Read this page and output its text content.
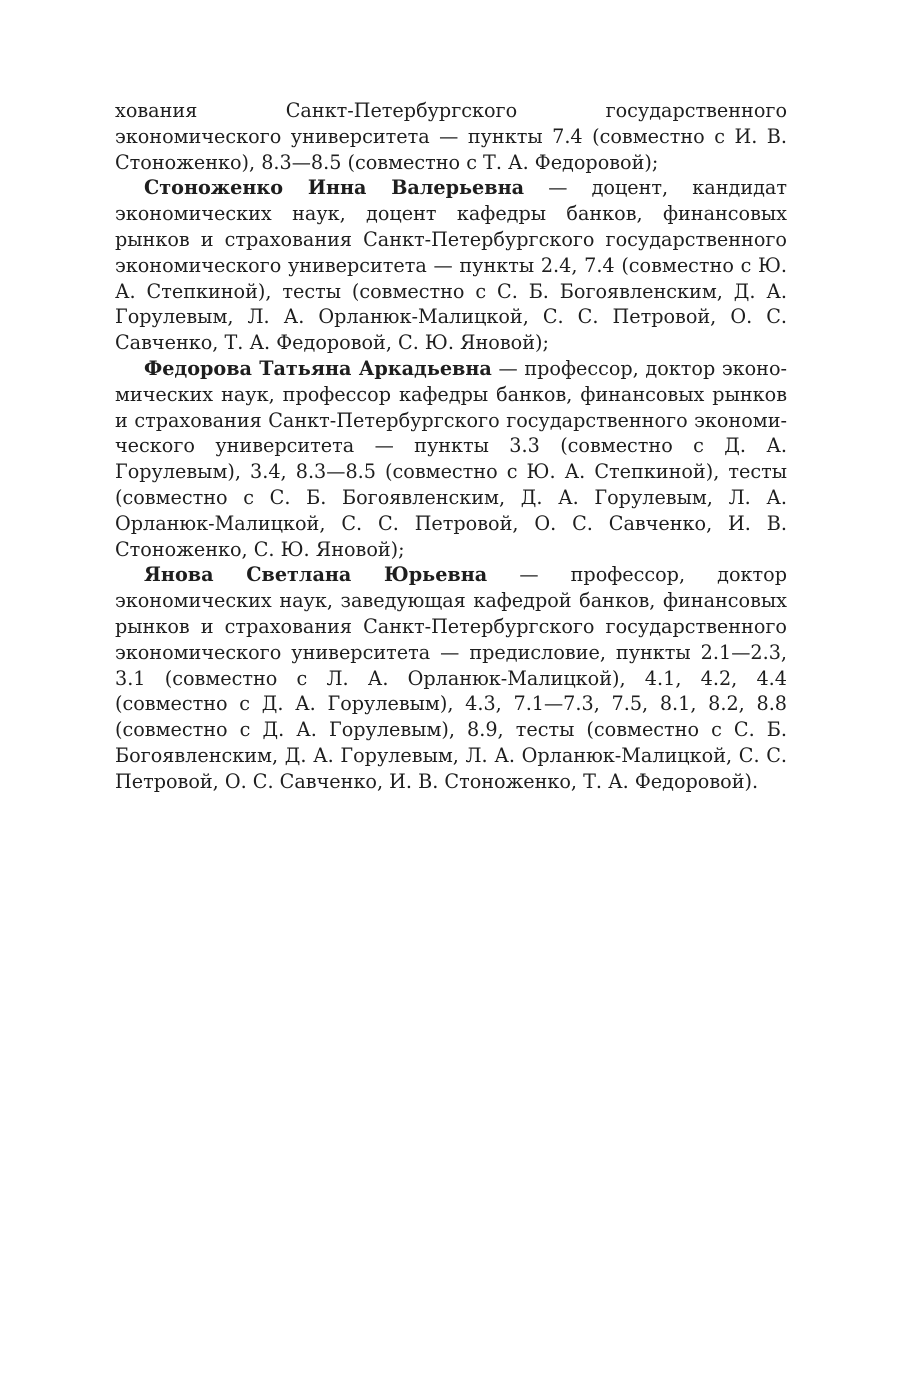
хования Санкт-Петербургского государственного экономического университета — пункты 7.4 (совместно с И. В. Стоноженко), 8.3—8.5 (совместно с Т. А. Федоровой);

Стоноженко Инна Валерьевна — доцент, кандидат экономических наук, доцент кафедры банков, финансовых рынков и страхования Санкт-Петербургского государственного экономического университета — пункты 2.4, 7.4 (совместно с Ю. А. Степкиной), тесты (совместно с С. Б. Богоявленским, Д. А. Горулевым, Л. А. Орланюк-Малицкой, С. С. Петровой, О. С. Савченко, Т. А. Федоровой, С. Ю. Яновой);

Федорова Татьяна Аркадьевна — профессор, доктор экономических наук, профессор кафедры банков, финансовых рынков и страхования Санкт-Петербургского государственного экономического университета — пункты 3.3 (совместно с Д. А. Горулевым), 3.4, 8.3—8.5 (совместно с Ю. А. Степкиной), тесты (совместно с С. Б. Богоявленским, Д. А. Горулевым, Л. А. Орланюк-Малицкой, С. С. Петровой, О. С. Савченко, И. В. Стоноженко, С. Ю. Яновой);

Янова Светлана Юрьевна — профессор, доктор экономических наук, заведующая кафедрой банков, финансовых рынков и страхования Санкт-Петербургского государственного экономического университета — предисловие, пункты 2.1—2.3, 3.1 (совместно с Л. А. Орланюк-Малицкой), 4.1, 4.2, 4.4 (совместно с Д. А. Горулевым), 4.3, 7.1—7.3, 7.5, 8.1, 8.2, 8.8 (совместно с Д. А. Горулевым), 8.9, тесты (совместно с С. Б. Богоявленским, Д. А. Горулевым, Л. А. Орланюк-Малицкой, С. С. Петровой, О. С. Савченко, И. В. Стоноженко, Т. А. Федоровой).
